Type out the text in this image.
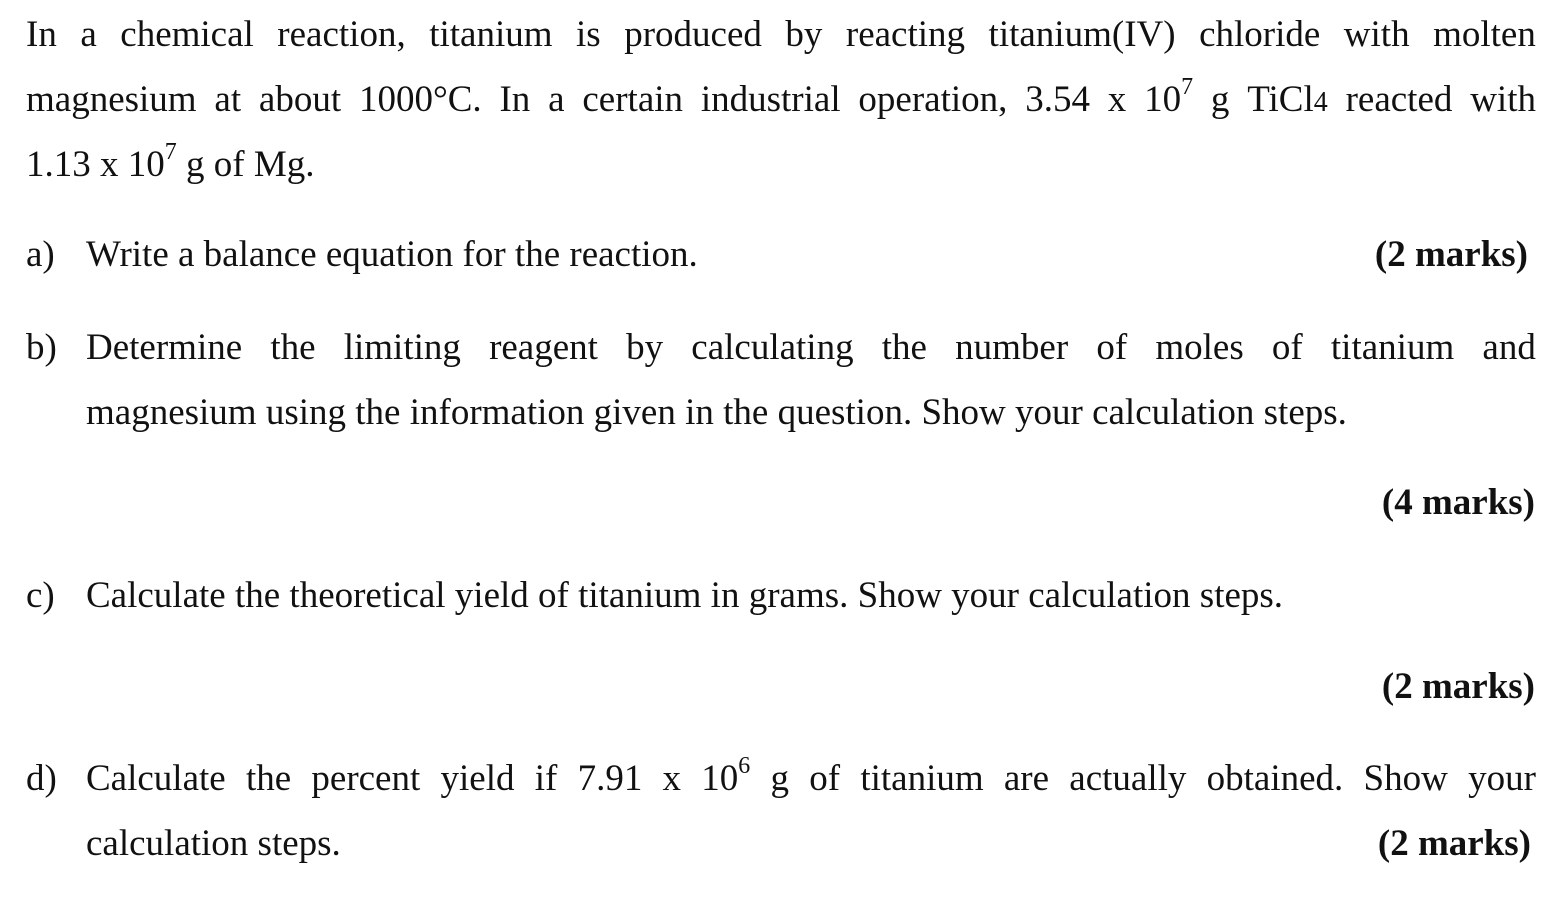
In a chemical reaction, titanium is produced by reacting titanium(IV) chloride with molten
magnesium at about 1000°C. In a certain industrial operation, 3.54 x $10^7$ g TiCl4 reacted with
1.13 x $10^7$ g of Mg.
a) Write a balance equation for the reaction.	(2 marks)
b) Determine the limiting reagent by calculating the number of moles of titanium and
magnesium using the information given in the question. Show your calculation steps.
(4 marks)
c) Calculate the theoretical yield of titanium in grams. Show your calculation steps.
(2 marks)
d) Calculate the percent yield if 7.91 x $10^6$ g of titanium are actually obtained. Show your
calculation steps.	(2 marks)
